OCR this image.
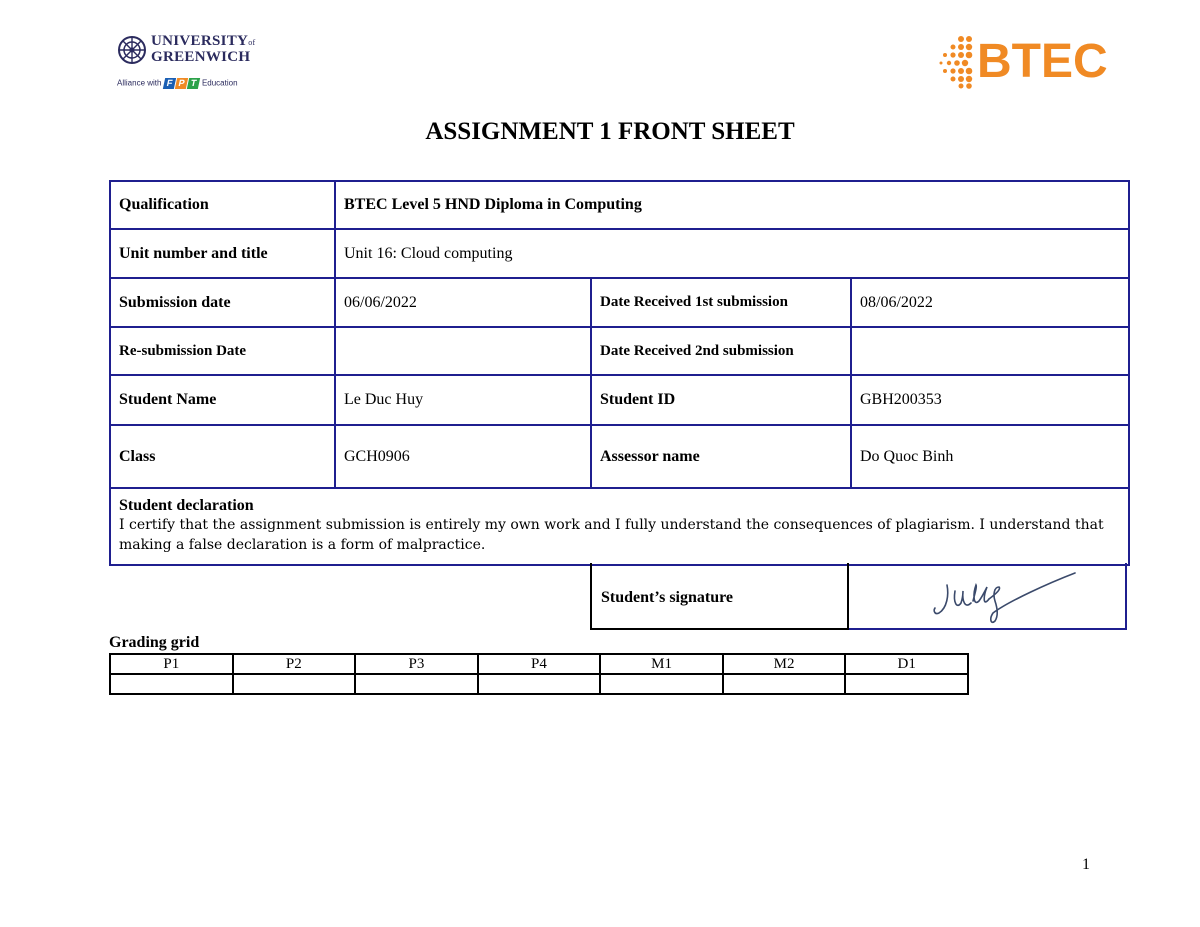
UNIVERSITYof
GREENWICH
Alliance with F P T Education	BTEC
ASSIGNMENT 1 FRONT SHEET
Qualification	BTEC Level 5 HND Diploma in Computing		
Unit number and title	Unit 16: Cloud computing		
Submission date	06/06/2022	Date Received 1st submission	08/06/2022
Re-submission Date		Date Received 2nd submission	
Student Name	Le Duc Huy	Student ID	GBH200353
Class	GCH0906	Assessor name	Do Quoc Binh

Student declaration
I certify that the assignment submission is entirely my own work and I fully understand the consequences of plagiarism. I understand that making a false declaration is a form of malpractice.			
Student’s signature
Grading grid
P1	P2	P3	P4	M1	M2	D1

1
